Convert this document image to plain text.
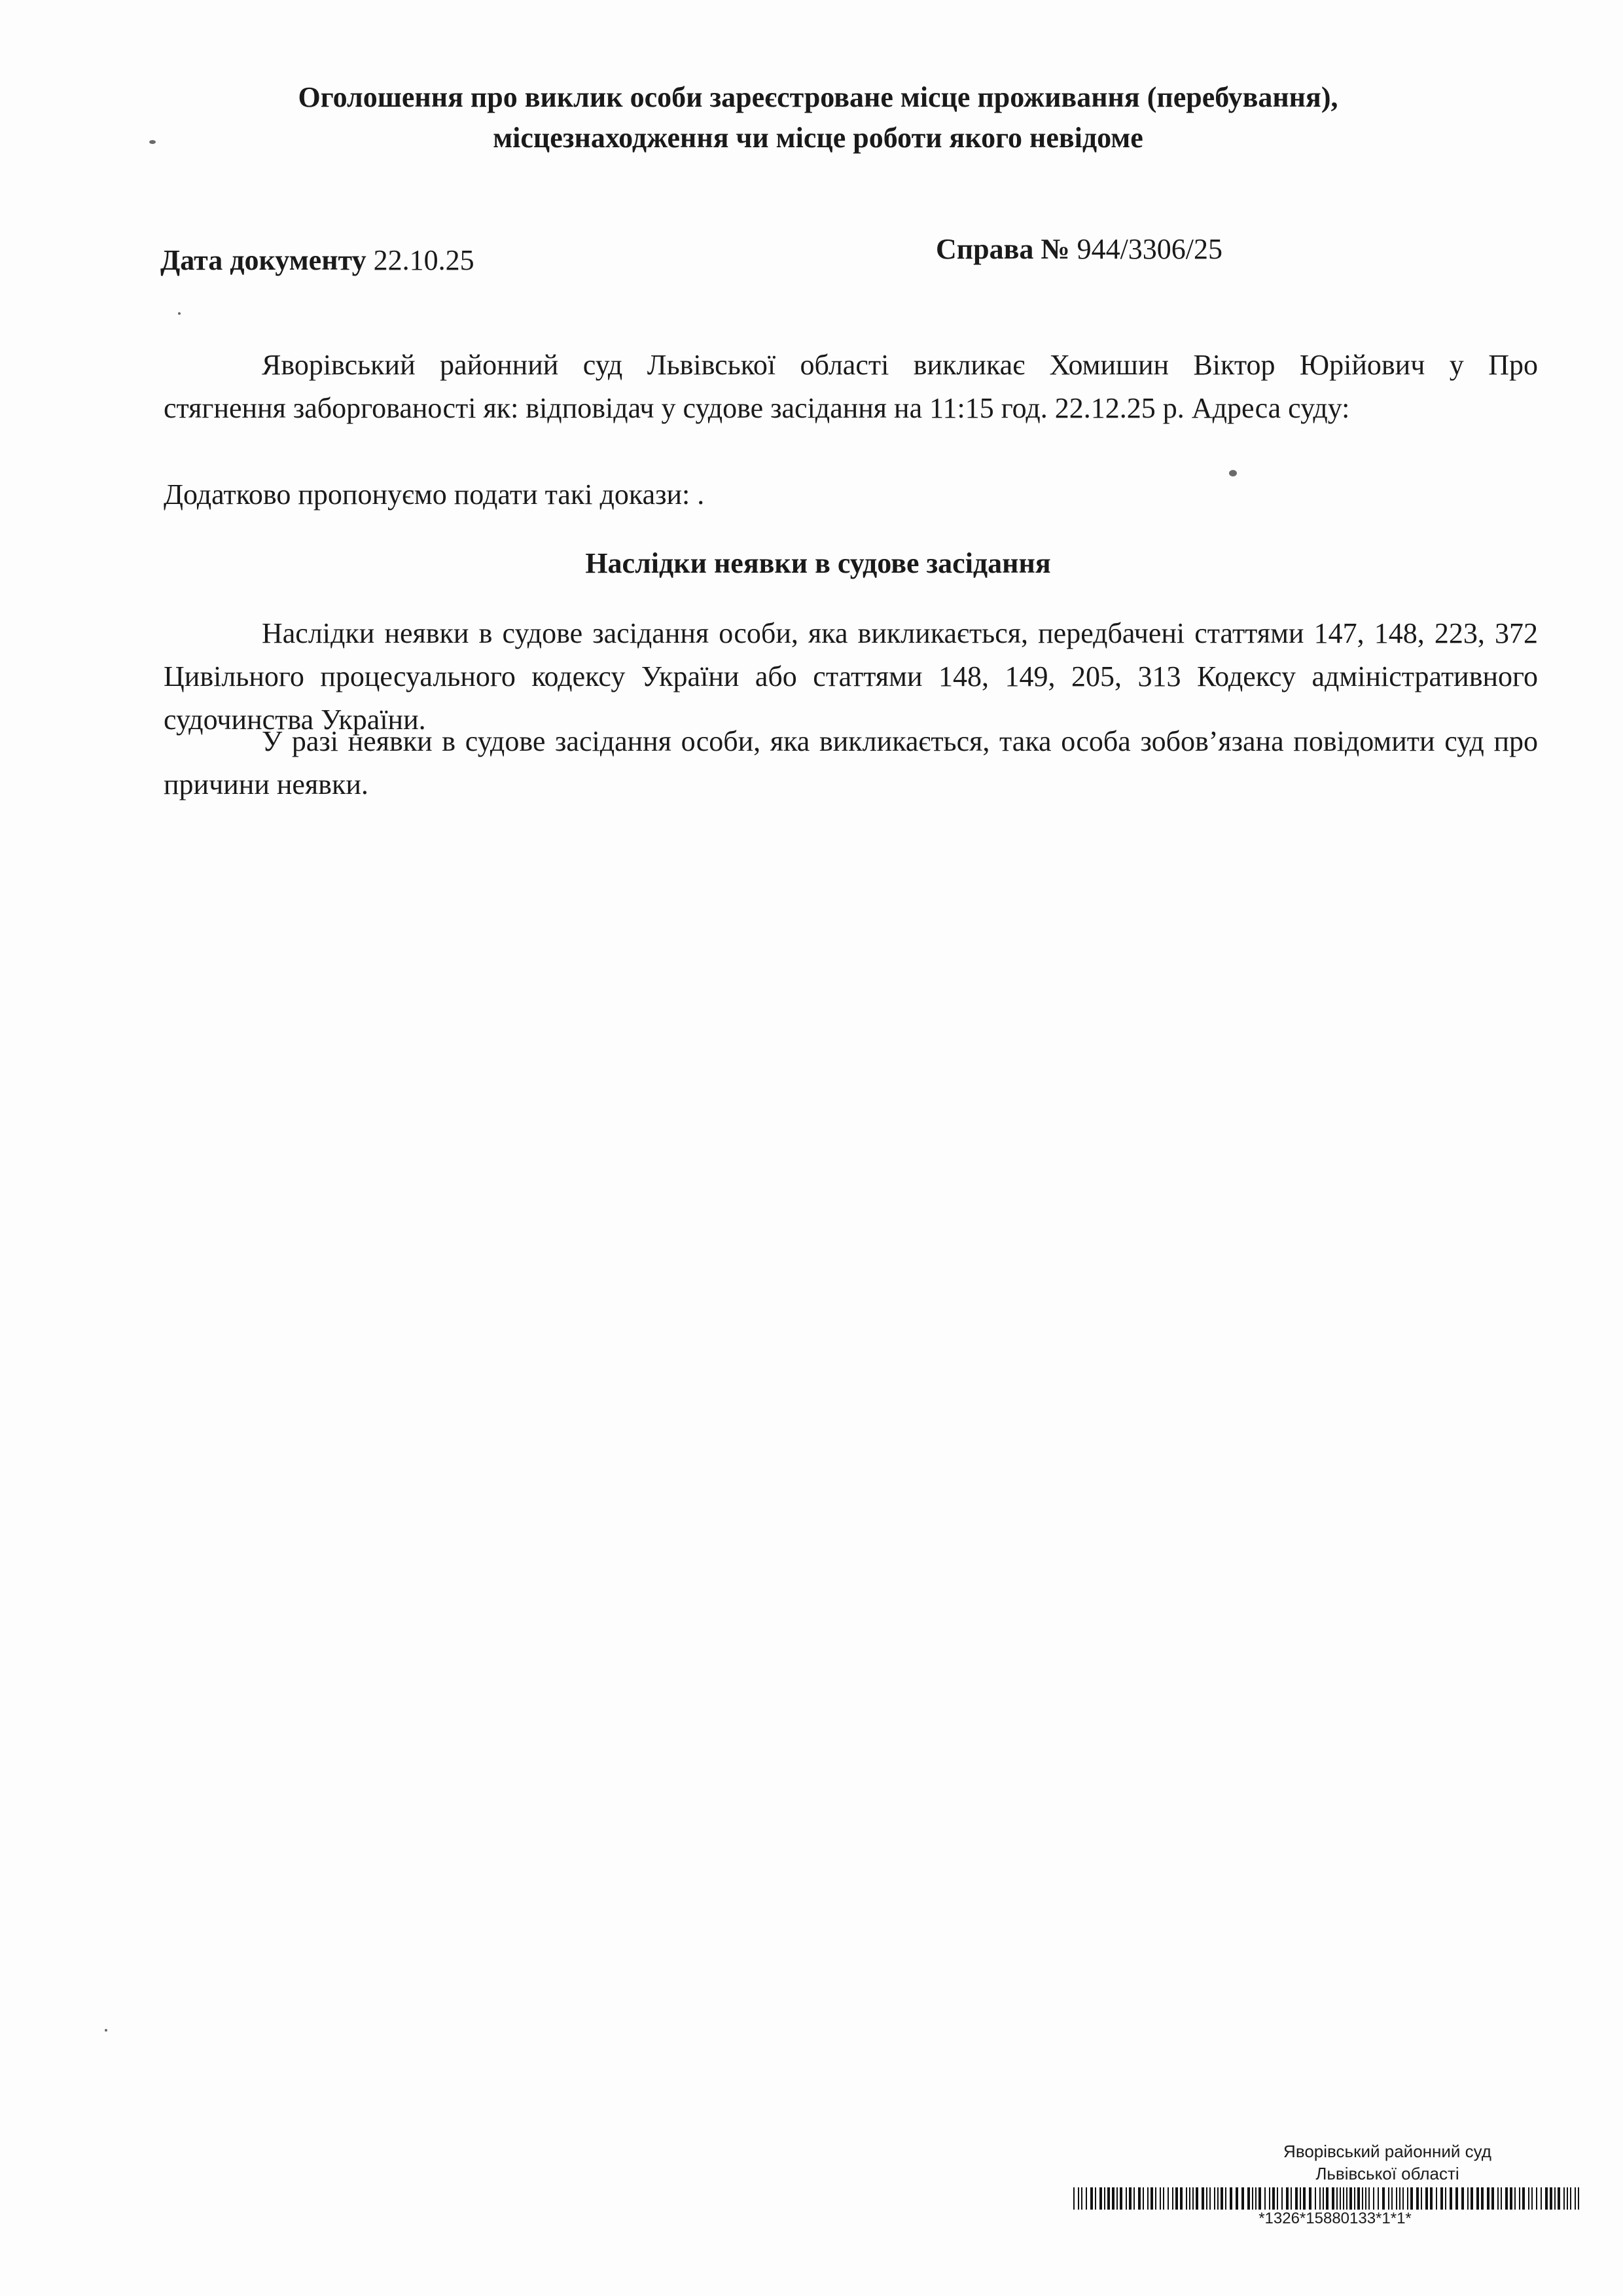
Оголошення про виклик особи зареєстроване місце проживання (перебування),
місцезнаходження чи місце роботи якого невідоме
Дата документу 22.10.25	Справа № 944/3306/25
Яворівський районний суд Львівської області викликає Хомишин Віктор Юрійович у Про
стягнення заборгованості як: відповідач у судове засідання на 11:15 год. 22.12.25 р. Адреса суду:
Додатково пропонуємо подати такі докази: .
Наслідки неявки в судове засідання
Наслідки неявки в судове засідання особи, яка викликається, передбачені статтями 147, 148, 223, 372 Цивільного процесуального кодексу України або статтями 148, 149, 205, 313 Кодексу адміністративного судочинства України.
У разі неявки в судове засідання особи, яка викликається, така особа зобов’язана повідомити суд про причини неявки.
Яворівський районний суд
Львівської області
*1326*15880133*1*1*
